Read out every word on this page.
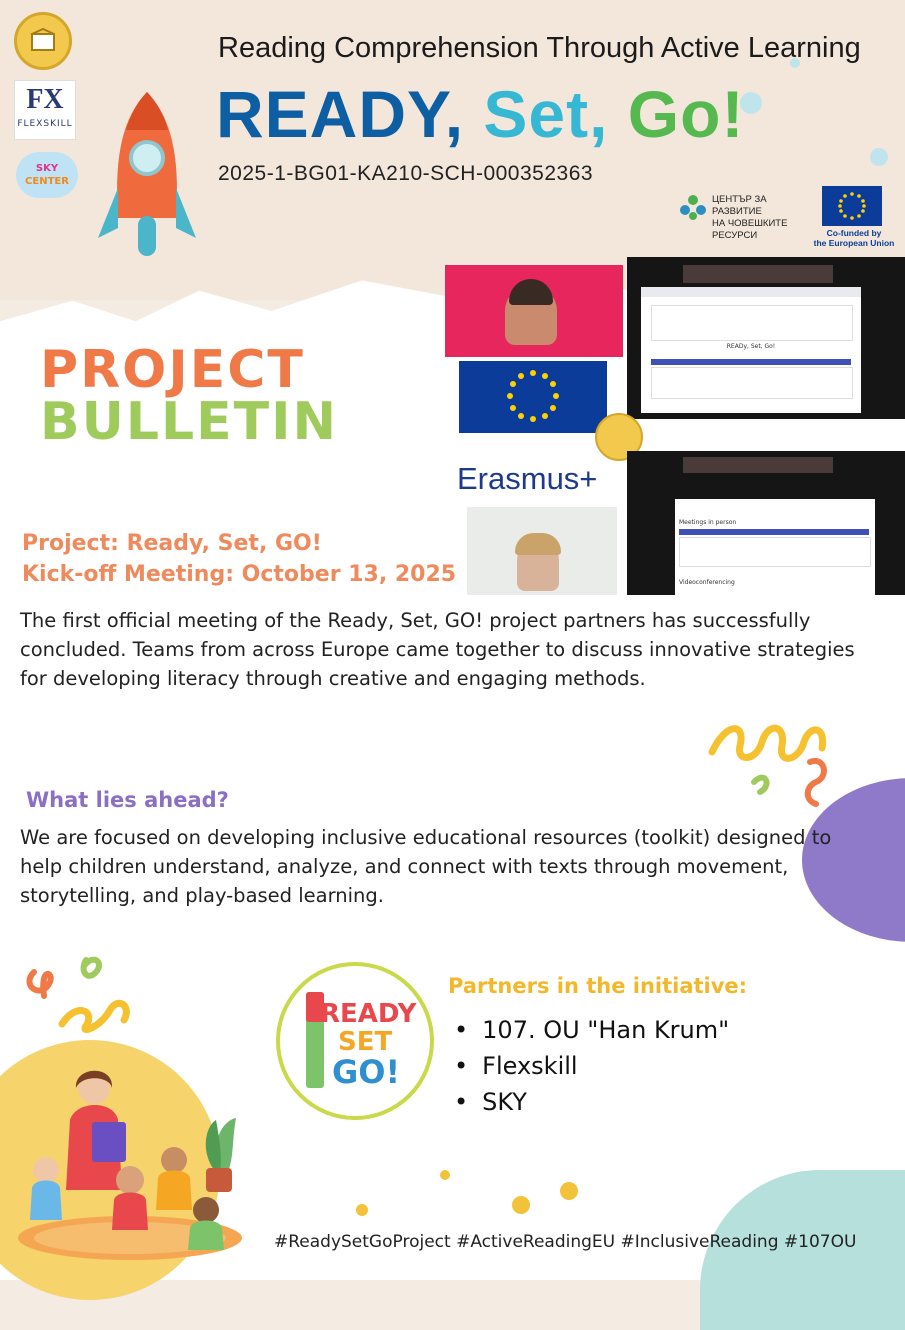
FX
FLEXSKILL
SKY
CENTER
Reading Comprehension Through Active Learning
READY, Set, Go!
2025-1-BG01-KA210-SCH-000352363
ЦЕНТЪР ЗА РАЗВИТИЕ
НА ЧОВЕШКИТЕ РЕСУРСИ	Co-funded by
the European Union
READy, Set, Go!
Erasmus+
Meetings in person
Videoconferencing
PROJECT
BULLETIN
Project: Ready, Set, GO!
Kick-off Meeting: October 13, 2025
The first official meeting of the Ready, Set, GO! project partners has successfully concluded. Teams from across Europe came together to discuss innovative strategies for developing literacy through creative and engaging methods.
What lies ahead?
We are focused on developing inclusive educational resources (toolkit) designed to help children understand, analyze, and connect with texts through movement, storytelling, and play-based learning.
READY
SET
GO!
Partners in the initiative:
• 107. OU "Han Krum"
• Flexskill
• SKY
#ReadySetGoProject #ActiveReadingEU #InclusiveReading #107OU
